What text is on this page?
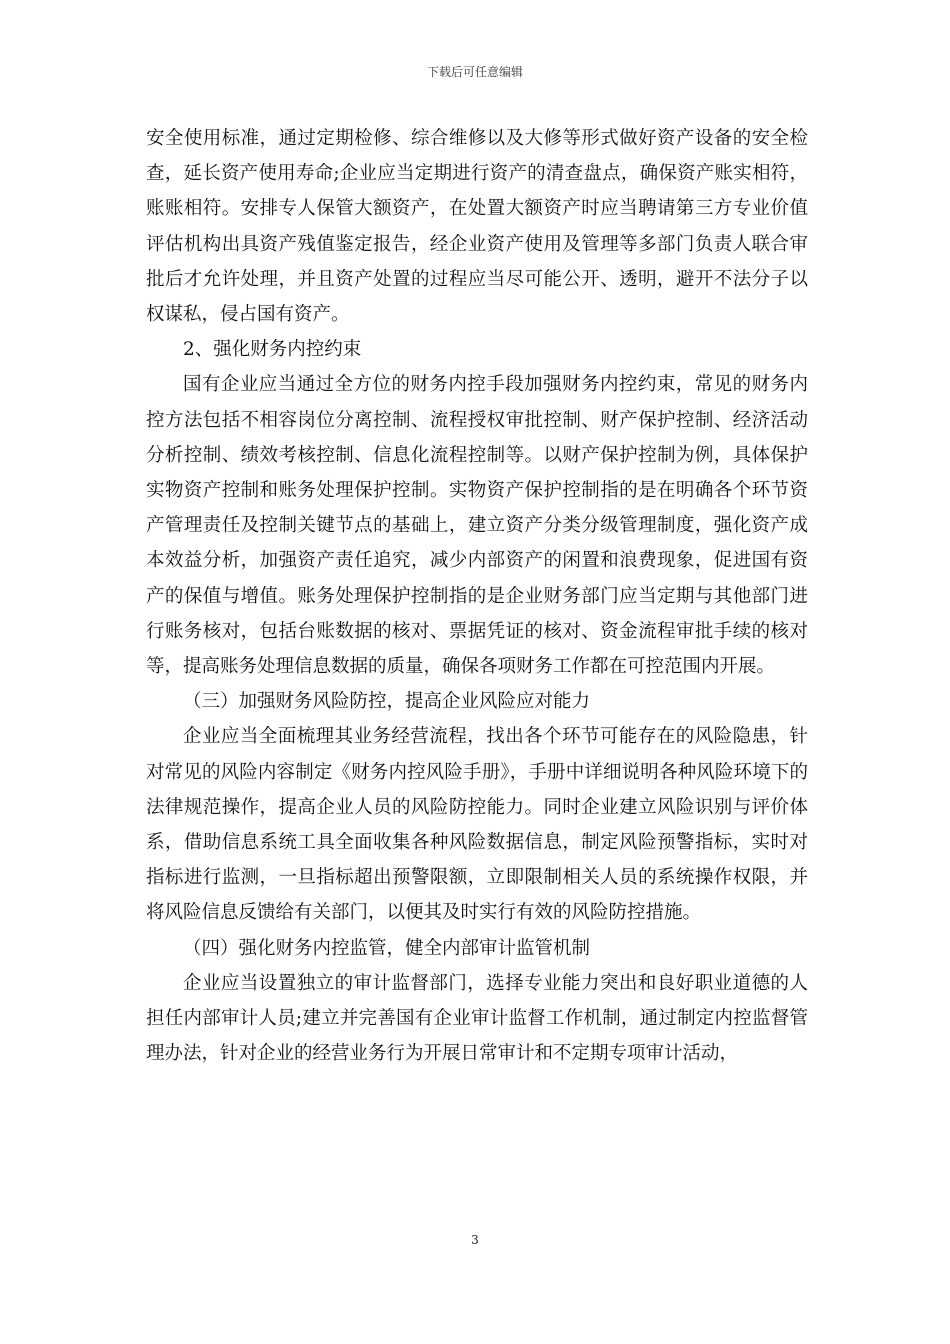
下载后可任意编辑

安全使用标准，通过定期检修、综合维修以及大修等形式做好资产设备的安全检查，延长资产使用寿命;企业应当定期进行资产的清查盘点，确保资产账实相符，账账相符。安排专人保管大额资产，在处置大额资产时应当聘请第三方专业价值评估机构出具资产残值鉴定报告，经企业资产使用及管理等多部门负责人联合审批后才允许处理，并且资产处置的过程应当尽可能公开、透明，避开不法分子以权谋私，侵占国有资产。

2、强化财务内控约束

国有企业应当通过全方位的财务内控手段加强财务内控约束，常见的财务内控方法包括不相容岗位分离控制、流程授权审批控制、财产保护控制、经济活动分析控制、绩效考核控制、信息化流程控制等。以财产保护控制为例，具体保护实物资产控制和账务处理保护控制。实物资产保护控制指的是在明确各个环节资产管理责任及控制关键节点的基础上，建立资产分类分级管理制度，强化资产成本效益分析，加强资产责任追究，减少内部资产的闲置和浪费现象，促进国有资产的保值与增值。账务处理保护控制指的是企业财务部门应当定期与其他部门进行账务核对，包括台账数据的核对、票据凭证的核对、资金流程审批手续的核对等，提高账务处理信息数据的质量，确保各项财务工作都在可控范围内开展。

（三）加强财务风险防控，提高企业风险应对能力

企业应当全面梳理其业务经营流程，找出各个环节可能存在的风险隐患，针对常见的风险内容制定《财务内控风险手册》，手册中详细说明各种风险环境下的法律规范操作，提高企业人员的风险防控能力。同时企业建立风险识别与评价体系，借助信息系统工具全面收集各种风险数据信息，制定风险预警指标，实时对指标进行监测，一旦指标超出预警限额，立即限制相关人员的系统操作权限，并将风险信息反馈给有关部门，以便其及时实行有效的风险防控措施。

（四）强化财务内控监管，健全内部审计监管机制

企业应当设置独立的审计监督部门，选择专业能力突出和良好职业道德的人担任内部审计人员;建立并完善国有企业审计监督工作机制，通过制定内控监督管理办法，针对企业的经营业务行为开展日常审计和不定期专项审计活动，

3
